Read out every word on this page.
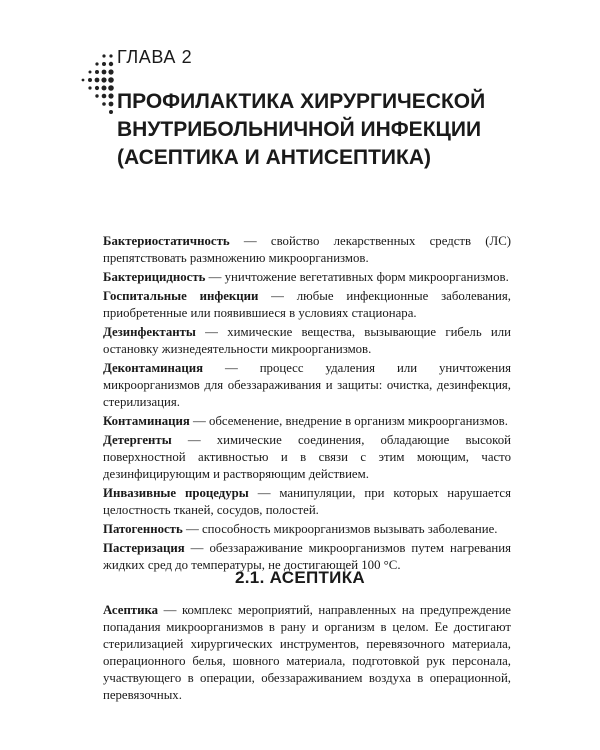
ГЛАВА 2

ПРОФИЛАКТИКА ХИРУРГИЧЕСКОЙ
ВНУТРИБОЛЬНИЧНОЙ ИНФЕКЦИИ
(АСЕПТИКА И АНТИСЕПТИКА)

Бактериостатичность — свойство лекарственных средств (ЛС) препятствовать размножению микроорганизмов.

Бактерицидность — уничтожение вегетативных форм микроорганизмов.

Госпитальные инфекции — любые инфекционные заболевания, приобретенные или появившиеся в условиях стационара.

Дезинфектанты — химические вещества, вызывающие гибель или остановку жизнедеятельности микроорганизмов.

Деконтаминация — процесс удаления или уничтожения микроорганизмов для обеззараживания и защиты: очистка, дезинфекция, стерилизация.

Контаминация — обсеменение, внедрение в организм микроорганизмов.

Детергенты — химические соединения, обладающие высокой поверхностной активностью и в связи с этим моющим, часто дезинфицирующим и растворяющим действием.

Инвазивные процедуры — манипуляции, при которых нарушается целостность тканей, сосудов, полостей.

Патогенность — способность микроорганизмов вызывать заболевание.

Пастеризация — обеззараживание микроорганизмов путем нагревания жидких сред до температуры, не достигающей 100 °С.

2.1. АСЕПТИКА

Асептика — комплекс мероприятий, направленных на предупреждение попадания микроорганизмов в рану и организм в целом. Ее достигают стерилизацией хирургических инструментов, перевязочного материала, операционного белья, шовного материала, подготовкой рук персонала, участвующего в операции, обеззараживанием воздуха в операционной, перевязочных.
